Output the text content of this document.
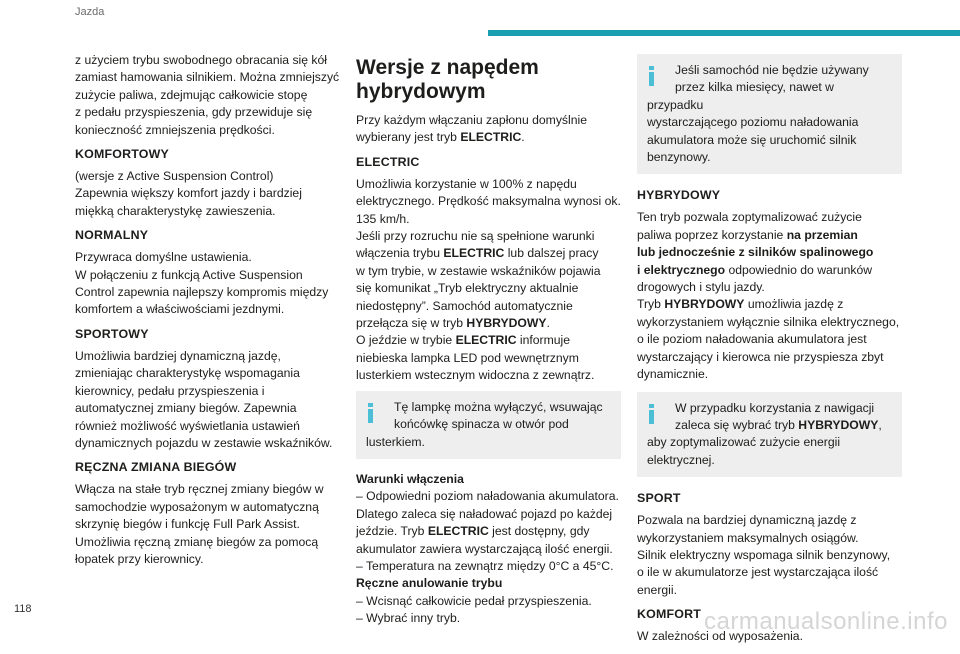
Jazda

z użyciem trybu swobodnego obracania się kół
zamiast hamowania silnikiem. Można zmniejszyć
zużycie paliwa, zdejmując całkowicie stopę
z pedału przyspieszenia, gdy przewiduje się
konieczność zmniejszenia prędkości.

KOMFORTOWY

(wersje z Active Suspension Control)
Zapewnia większy komfort jazdy i bardziej
miękką charakterystykę zawieszenia.

NORMALNY

Przywraca domyślne ustawienia.
W połączeniu z funkcją Active Suspension
Control zapewnia najlepszy kompromis między
komfortem a właściwościami jezdnymi.

SPORTOWY

Umożliwia bardziej dynamiczną jazdę,
zmieniając charakterystykę wspomagania
kierownicy, pedału przyspieszenia i
automatycznej zmiany biegów. Zapewnia
również możliwość wyświetlania ustawień
dynamicznych pojazdu w zestawie wskaźników.

RĘCZNA ZMIANA BIEGÓW

Włącza na stałe tryb ręcznej zmiany biegów w
samochodzie wyposażonym w automatyczną
skrzynię biegów i funkcję Full Park Assist.
Umożliwia ręczną zmianę biegów za pomocą
łopatek przy kierownicy.

Wersje z napędem
hybrydowym

Przy każdym włączaniu zapłonu domyślnie
wybierany jest tryb ELECTRIC.

ELECTRIC

Umożliwia korzystanie w 100% z napędu
elektrycznego. Prędkość maksymalna wynosi ok.
135 km/h.
Jeśli przy rozruchu nie są spełnione warunki
włączenia trybu ELECTRIC lub dalszej pracy
w tym trybie, w zestawie wskaźników pojawia
się komunikat „Tryb elektryczny aktualnie
niedostępny”. Samochód automatycznie
przełącza się w tryb HYBRYDOWY.
O jeździe w trybie ELECTRIC informuje
niebieska lampka LED pod wewnętrznym
lusterkiem wstecznym widoczna z zewnątrz.

Tę lampkę można wyłączyć, wsuwając
końcówkę spinacza w otwór pod
lusterkiem.

Warunki włączenia
– Odpowiedni poziom naładowania akumulatora.
Dlatego zaleca się naładować pojazd po każdej
jeździe. Tryb ELECTRIC jest dostępny, gdy
akumulator zawiera wystarczającą ilość energii.
– Temperatura na zewnątrz między 0°C a 45°C.
Ręczne anulowanie trybu
– Wcisnąć całkowicie pedał przyspieszenia.
– Wybrać inny tryb.

Jeśli samochód nie będzie używany
przez kilka miesięcy, nawet w przypadku
wystarczającego poziomu naładowania
akumulatora może się uruchomić silnik
benzynowy.
HYBRYDOWY

Ten tryb pozwala zoptymalizować zużycie
paliwa poprzez korzystanie na przemian
lub jednocześnie z silników spalinowego
i elektrycznego odpowiednio do warunków
drogowych i stylu jazdy.
Tryb HYBRYDOWY umożliwia jazdę z
wykorzystaniem wyłącznie silnika elektrycznego,
o ile poziom naładowania akumulatora jest
wystarczający i kierowca nie przyspiesza zbyt
dynamicznie.

W przypadku korzystania z nawigacji
zaleca się wybrać tryb HYBRYDOWY,
aby zoptymalizować zużycie energii
elektrycznej.
SPORT

Pozwala na bardziej dynamiczną jazdę z
wykorzystaniem maksymalnych osiągów.
Silnik elektryczny wspomaga silnik benzynowy,
o ile w akumulatorze jest wystarczająca ilość
energii.

KOMFORT

W zależności od wyposażenia.

118	carmanualsonline.info
